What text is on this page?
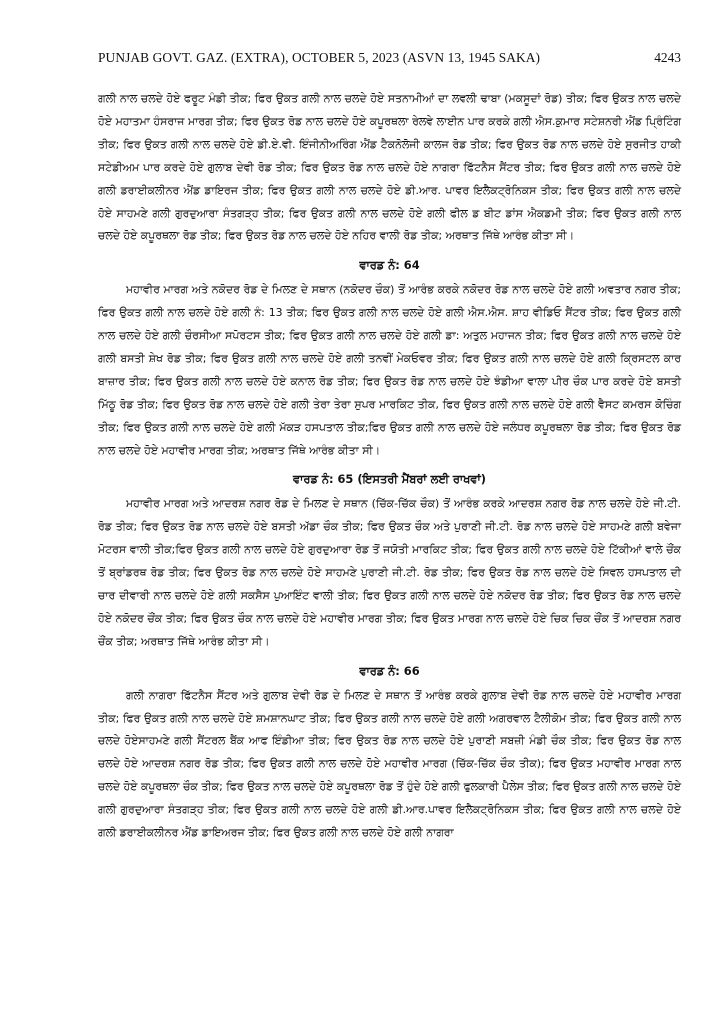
PUNJAB GOVT. GAZ. (EXTRA), OCTOBER 5, 2023 (ASVN 13, 1945 SAKA)	4243

ਗਲੀ ਨਾਲ ਚਲਦੇ ਹੋਏ ਫਰੂਟ ਮੰਡੀ ਤੀਕ; ਫਿਰ ਉਕਤ ਗਲੀ ਨਾਲ ਚਲਦੇ ਹੋਏ ਸਤਨਾਮੀਆਂ ਦਾ ਲਵਲੀ ਢਾਬਾ (ਮਕਸੂਦਾਂ ਰੋਡ) ਤੀਕ; ਫਿਰ ਉਕਤ ਨਾਲ ਚਲਦੇ ਹੋਏ ਮਹਾਤਮਾ ਹੰਸਰਾਜ ਮਾਰਗ ਤੀਕ; ਫਿਰ ਉਕਤ ਰੋਡ ਨਾਲ ਚਲਦੇ ਹੋਏ ਕਪੂਰਥਲਾ ਰੇਲਵੇ ਲਾਈਨ ਪਾਰ ਕਰਕੇ ਗਲੀ ਐਸ.ਕੁਮਾਰ ਸਟੇਸ਼ਨਰੀ ਐਂਡ ਪ੍ਰਿੰਟਿੰਗ ਤੀਕ; ਫਿਰ ਉਕਤ ਗਲੀ ਨਾਲ ਚਲਦੇ ਹੋਏ ਡੀ.ਏ.ਵੀ. ਇੰਜੀਨੀਅਰਿੰਗ ਐਂਡ ਟੈਕਨੋਲੋਜੀ ਕਾਲਜ ਰੋਡ ਤੀਕ; ਫਿਰ ਉਕਤ ਰੋਡ ਨਾਲ ਚਲਦੇ ਹੋਏ ਸੁਰਜੀਤ ਹਾਕੀ ਸਟੇਡੀਅਮ ਪਾਰ ਕਰਦੇ ਹੋਏ ਗੁਲਾਬ ਦੇਵੀ ਰੋਡ ਤੀਕ; ਫਿਰ ਉਕਤ ਰੋਡ ਨਾਲ ਚਲਦੇ ਹੋਏ ਨਾਗਰਾ ਫਿੱਟਨੈਸ ਸੈਂਟਰ ਤੀਕ; ਫਿਰ ਉਕਤ ਗਲੀ ਨਾਲ ਚਲਦੇ ਹੋਏ ਗਲੀ ਡਰਾਈਕਲੀਨਰ ਐਂਡ ਡਾਇਰਜ ਤੀਕ; ਫਿਰ ਉਕਤ ਗਲੀ ਨਾਲ ਚਲਦੇ ਹੋਏ ਡੀ.ਆਰ. ਪਾਵਰ ਇਲੈਕਟ੍ਰੋਨਿਕਸ ਤੀਕ; ਫਿਰ ਉਕਤ ਗਲੀ ਨਾਲ ਚਲਦੇ ਹੋਏ ਸਾਹਮਣੇ ਗਲੀ ਗੁਰਦੁਆਰਾ ਸੰਤਗੜ੍ਹ ਤੀਕ; ਫਿਰ ਉਕਤ ਗਲੀ ਨਾਲ ਚਲਦੇ ਹੋਏ ਗਲੀ ਫੀਲ ਡ ਬੀਟ ਡਾਂਸ ਐਕਡਮੀ ਤੀਕ; ਫਿਰ ਉਕਤ ਗਲੀ ਨਾਲ ਚਲਦੇ ਹੋਏ ਕਪੂਰਥਲਾ ਰੋਡ ਤੀਕ; ਫਿਰ ਉਕਤ ਰੋਡ ਨਾਲ ਚਲਦੇ ਹੋਏ ਨਹਿਰ ਵਾਲੀ ਰੋਡ ਤੀਕ; ਅਰਥਾਤ ਜਿੱਥੇ ਆਰੰਭ ਕੀਤਾ ਸੀ।

ਵਾਰਡ ਨੰ: 64

ਮਹਾਵੀਰ ਮਾਰਗ ਅਤੇ ਨਕੋਦਰ ਰੋਡ ਦੇ ਮਿਲਣ ਦੇ ਸਥਾਨ (ਨਕੋਦਰ ਚੌਕ) ਤੋਂ ਆਰੰਭ ਕਰਕੇ ਨਕੋਦਰ ਰੋਡ ਨਾਲ ਚਲਦੇ ਹੋਏ ਗਲੀ ਅਵਤਾਰ ਨਗਰ ਤੀਕ; ਫਿਰ ਉਕਤ ਗਲੀ ਨਾਲ ਚਲਦੇ ਹੋਏ ਗਲੀ ਨੰ: 13 ਤੀਕ; ਫਿਰ ਉਕਤ ਗਲੀ ਨਾਲ ਚਲਦੇ ਹੋਏ ਗਲੀ ਐਸ.ਐਸ. ਸ਼ਾਹ ਵੀਡਿਓ ਸੈਂਟਰ ਤੀਕ; ਫਿਰ ਉਕਤ ਗਲੀ ਨਾਲ ਚਲਦੇ ਹੋਏ ਗਲੀ ਚੌਰਸੀਆ ਸਪੋਰਟਸ ਤੀਕ; ਫਿਰ ਉਕਤ ਗਲੀ ਨਾਲ ਚਲਦੇ ਹੋਏ ਗਲੀ ਡਾ: ਅਤੁਲ ਮਹਾਜਨ ਤੀਕ; ਫਿਰ ਉਕਤ ਗਲੀ ਨਾਲ ਚਲਦੇ ਹੋਏ ਗਲੀ ਬਸਤੀ ਸ਼ੇਖ ਰੋਡ ਤੀਕ; ਫਿਰ ਉਕਤ ਗਲੀ ਨਾਲ ਚਲਦੇ ਹੋਏ ਗਲੀ ਤਨਵੀਂ ਮੇਕਓਵਰ ਤੀਕ; ਫਿਰ ਉਕਤ ਗਲੀ ਨਾਲ ਚਲਦੇ ਹੋਏ ਗਲੀ ਕ੍ਰਿਸਟਲ ਕਾਰ ਬਾਜ਼ਾਰ ਤੀਕ; ਫਿਰ ਉਕਤ ਗਲੀ ਨਾਲ ਚਲਦੇ ਹੋਏ ਕਨਾਲ ਰੋਡ ਤੀਕ; ਫਿਰ ਉਕਤ ਰੋਡ ਨਾਲ ਚਲਦੇ ਹੋਏ ਝੰਡੀਆ ਵਾਲਾ ਪੀਰ ਚੌਕ ਪਾਰ ਕਰਦੇ ਹੋਏ ਬਸਤੀ ਮਿੱਠੂ ਰੋਡ ਤੀਕ; ਫਿਰ ਉਕਤ ਰੋਡ ਨਾਲ ਚਲਦੇ ਹੋਏ ਗਲੀ ਤੇਰਾ ਤੇਰਾ ਸੁਪਰ ਮਾਰਕਿਟ ਤੀਕ, ਫਿਰ ਉਕਤ ਗਲੀ ਨਾਲ ਚਲਦੇ ਹੋਏ ਗਲੀ ਵੈਸਟ ਕਮਰਸ ਕੋਚਿੰਗ ਤੀਕ; ਫਿਰ ਉਕਤ ਗਲੀ ਨਾਲ ਚਲਦੇ ਹੋਏ ਗਲੀ ਮੱਕੜ ਹਸਪਤਾਲ ਤੀਕ;ਫਿਰ ਉਕਤ ਗਲੀ ਨਾਲ ਚਲਦੇ ਹੋਏ ਜਲੰਧਰ ਕਪੂਰਥਲਾ ਰੋਡ ਤੀਕ; ਫਿਰ ਉਕਤ ਰੋਡ ਨਾਲ ਚਲਦੇ ਹੋਏ ਮਹਾਵੀਰ ਮਾਰਗ ਤੀਕ; ਅਰਥਾਤ ਜਿੱਥੇ ਆਰੰਭ ਕੀਤਾ ਸੀ।

ਵਾਰਡ ਨੰ: 65 (ਇਸਤਰੀ ਮੈਂਬਰਾਂ ਲਈ ਰਾਖਵਾਂ)

ਮਹਾਵੀਰ ਮਾਰਗ ਅਤੇ ਆਦਰਸ਼ ਨਗਰ ਰੋਡ ਦੇ ਮਿਲਣ ਦੇ ਸਥਾਨ (ਚਿੱਕ-ਚਿੱਕ ਚੌਕ) ਤੋਂ ਆਰੰਭ ਕਰਕੇ ਆਦਰਸ਼ ਨਗਰ ਰੋਡ ਨਾਲ ਚਲਦੇ ਹੋਏ ਜੀ.ਟੀ. ਰੋਡ ਤੀਕ; ਫਿਰ ਉਕਤ ਰੋਡ ਨਾਲ ਚਲਦੇ ਹੋਏ ਬਸਤੀ ਅੱਡਾ ਚੌਕ ਤੀਕ; ਫਿਰ ਉਕਤ ਚੌਕ ਅਤੇ ਪੁਰਾਣੀ ਜੀ.ਟੀ. ਰੋਡ ਨਾਲ ਚਲਦੇ ਹੋਏ ਸਾਹਮਣੇ ਗਲੀ ਬਵੇਜਾ ਮੋਟਰਸ ਵਾਲੀ ਤੀਕ;ਫਿਰ ਉਕਤ ਗਲੀ ਨਾਲ ਚਲਦੇ ਹੋਏ ਗੁਰਦੁਆਰਾ ਰੋਡ ਤੋਂ ਜਯੋਤੀ ਮਾਰਕਿਟ ਤੀਕ; ਫਿਰ ਉਕਤ ਗਲੀ ਨਾਲ ਚਲਦੇ ਹੋਏ ਟਿੱਕੀਆਂ ਵਾਲੇ ਚੌਂਕ ਤੋਂ ਬ੍ਰਾਂਡਰਥ ਰੋਡ ਤੀਕ; ਫਿਰ ਉਕਤ ਰੋਡ ਨਾਲ ਚਲਦੇ ਹੋਏ ਸਾਹਮਣੇ ਪੁਰਾਣੀ ਜੀ.ਟੀ. ਰੋਡ ਤੀਕ; ਫਿਰ ਉਕਤ ਰੋਡ ਨਾਲ ਚਲਦੇ ਹੋਏ ਸਿਵਲ ਹਸਪਤਾਲ ਦੀ ਚਾਰ ਦੀਵਾਰੀ ਨਾਲ ਚਲਦੇ ਹੋਏ ਗਲੀ ਸਕਸੈਸ ਪੁਆਇੰਟ ਵਾਲੀ ਤੀਕ; ਫਿਰ ਉਕਤ ਗਲੀ ਨਾਲ ਚਲਦੇ ਹੋਏ ਨਕੋਦਰ ਰੋਡ ਤੀਕ; ਫਿਰ ਉਕਤ ਰੋਡ ਨਾਲ ਚਲਦੇ ਹੋਏ ਨਕੋਦਰ ਚੌਂਕ ਤੀਕ; ਫਿਰ ਉਕਤ ਚੌਕ ਨਾਲ ਚਲਦੇ ਹੋਏ ਮਹਾਵੀਰ ਮਾਰਗ ਤੀਕ; ਫਿਰ ਉਕਤ ਮਾਰਗ ਨਾਲ ਚਲਦੇ ਹੋਏ ਚਿਕ ਚਿਕ ਚੌਂਕ ਤੋਂ ਆਦਰਸ਼ ਨਗਰ ਚੌਂਕ ਤੀਕ; ਅਰਥਾਤ ਜਿੱਥੇ ਆਰੰਭ ਕੀਤਾ ਸੀ।

ਵਾਰਡ ਨੰ: 66

ਗਲੀ ਨਾਗਰਾ ਫਿੱਟਨੈਸ ਸੈਂਟਰ ਅਤੇ ਗੁਲਾਬ ਦੇਵੀ ਰੋਡ ਦੇ ਮਿਲਣ ਦੇ ਸਥਾਨ ਤੋਂ ਆਰੰਭ ਕਰਕੇ ਗੁਲਾਬ ਦੇਵੀ ਰੋਡ ਨਾਲ ਚਲਦੇ ਹੋਏ ਮਹਾਵੀਰ ਮਾਰਗ ਤੀਕ; ਫਿਰ ਉਕਤ ਗਲੀ ਨਾਲ ਚਲਦੇ ਹੋਏ ਸ਼ਮਸ਼ਾਨਘਾਟ ਤੀਕ; ਫਿਰ ਉਕਤ ਗਲੀ ਨਾਲ ਚਲਦੇ ਹੋਏ ਗਲੀ ਅਗਰਵਾਲ ਟੈਲੀਕੋਮ ਤੀਕ; ਫਿਰ ਉਕਤ ਗਲੀ ਨਾਲ ਚਲਦੇ ਹੋਏਸਾਹਮਣੇ ਗਲੀ ਸੈਂਟਰਲ ਬੈਂਕ ਆਫ ਇੰਡੀਆ ਤੀਕ; ਫਿਰ ਉਕਤ ਰੋਡ ਨਾਲ ਚਲਦੇ ਹੋਏ ਪੁਰਾਣੀ ਸਬਜ਼ੀ ਮੰਡੀ ਚੌਕ ਤੀਕ; ਫਿਰ ਉਕਤ ਰੋਡ ਨਾਲ ਚਲਦੇ ਹੋਏ ਆਦਰਸ਼ ਨਗਰ ਰੋਡ ਤੀਕ; ਫਿਰ ਉਕਤ ਗਲੀ ਨਾਲ ਚਲਦੇ ਹੋਏ ਮਹਾਵੀਰ ਮਾਰਗ (ਚਿੱਕ-ਚਿੱਕ ਚੌਕ ਤੀਕ); ਫਿਰ ਉਕਤ ਮਹਾਵੀਰ ਮਾਰਗ ਨਾਲ ਚਲਦੇ ਹੋਏ ਕਪੂਰਥਲਾ ਚੌਕ ਤੀਕ; ਫਿਰ ਉਕਤ ਨਾਲ ਚਲਦੇ ਹੋਏ ਕਪੂਰਥਲਾ ਰੋਡ ਤੋਂ ਹੁੰਦੇ ਹੋਏ ਗਲੀ ਫੁਲਕਾਰੀ ਪੈਲੇਸ ਤੀਕ; ਫਿਰ ਉਕਤ ਗਲੀ ਨਾਲ ਚਲਦੇ ਹੋਏ ਗਲੀ ਗੁਰਦੁਆਰਾ ਸੰਤਗੜ੍ਹ ਤੀਕ; ਫਿਰ ਉਕਤ ਗਲੀ ਨਾਲ ਚਲਦੇ ਹੋਏ ਗਲੀ ਡੀ.ਆਰ.ਪਾਵਰ ਇਲੈਕਟ੍ਰੋਨਿਕਸ ਤੀਕ; ਫਿਰ ਉਕਤ ਗਲੀ ਨਾਲ ਚਲਦੇ ਹੋਏ ਗਲੀ ਡਰਾਈਕਲੀਨਰ ਐਂਡ ਡਾਇਅਰਜ ਤੀਕ; ਫਿਰ ਉਕਤ ਗਲੀ ਨਾਲ ਚਲਦੇ ਹੋਏ ਗਲੀ ਨਾਗਰਾ
